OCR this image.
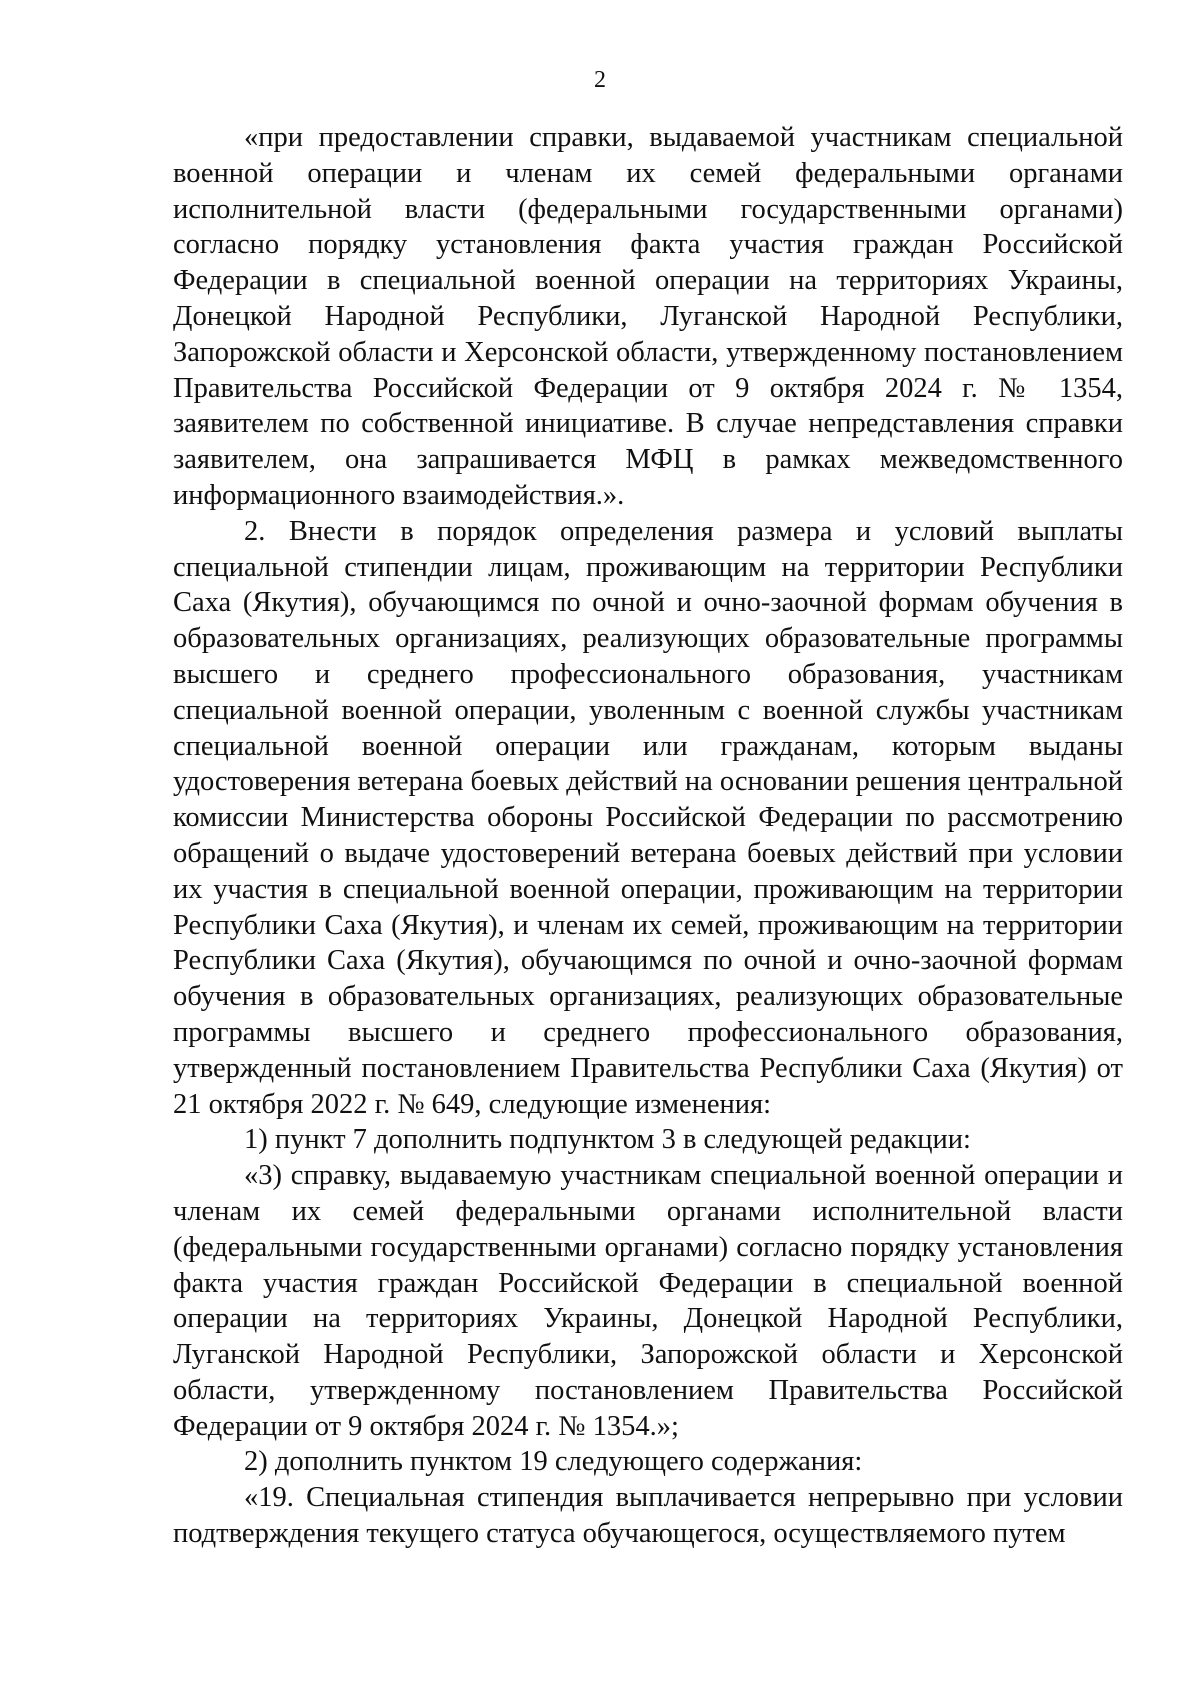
2

«при предоставлении справки, выдаваемой участникам специальной военной операции и членам их семей федеральными органами исполнительной власти (федеральными государственными органами) согласно порядку установления факта участия граждан Российской Федерации в специальной военной операции на территориях Украины, Донецкой Народной Республики, Луганской Народной Республики, Запорожской области и Херсонской области, утвержденному постановлением Правительства Российской Федерации от 9 октября 2024 г. № 1354, заявителем по собственной инициативе. В случае непредставления справки заявителем, она запрашивается МФЦ в рамках межведомственного информационного взаимодействия.».

2. Внести в порядок определения размера и условий выплаты специальной стипендии лицам, проживающим на территории Республики Саха (Якутия), обучающимся по очной и очно-заочной формам обучения в образовательных организациях, реализующих образовательные программы высшего и среднего профессионального образования, участникам специальной военной операции, уволенным с военной службы участникам специальной военной операции или гражданам, которым выданы удостоверения ветерана боевых действий на основании решения центральной комиссии Министерства обороны Российской Федерации по рассмотрению обращений о выдаче удостоверений ветерана боевых действий при условии их участия в специальной военной операции, проживающим на территории Республики Саха (Якутия), и членам их семей, проживающим на территории Республики Саха (Якутия), обучающимся по очной и очно-заочной формам обучения в образовательных организациях, реализующих образовательные программы высшего и среднего профессионального образования, утвержденный постановлением Правительства Республики Саха (Якутия) от 21 октября 2022 г. № 649, следующие изменения:

1) пункт 7 дополнить подпунктом 3 в следующей редакции:

«3) справку, выдаваемую участникам специальной военной операции и членам их семей федеральными органами исполнительной власти (федеральными государственными органами) согласно порядку установления факта участия граждан Российской Федерации в специальной военной операции на территориях Украины, Донецкой Народной Республики, Луганской Народной Республики, Запорожской области и Херсонской области, утвержденному постановлением Правительства Российской Федерации от 9 октября 2024 г. № 1354.»;

2) дополнить пунктом 19 следующего содержания:

«19. Специальная стипендия выплачивается непрерывно при условии подтверждения текущего статуса обучающегося, осуществляемого путем
